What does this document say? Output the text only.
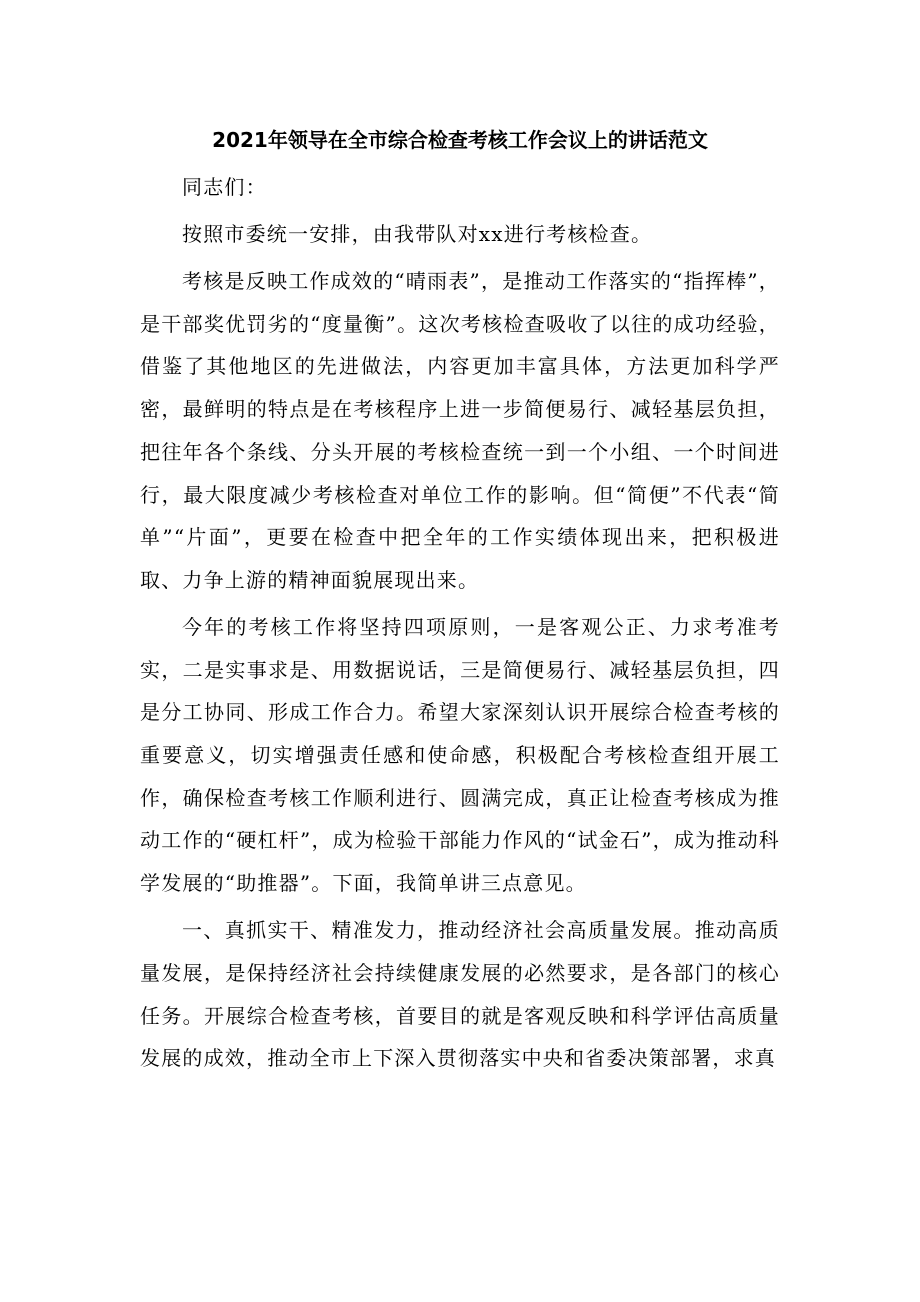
2021年领导在全市综合检查考核工作会议上的讲话范文

同志们：

按照市委统一安排，由我带队对xx进行考核检查。

考核是反映工作成效的“晴雨表”，是推动工作落实的“指挥棒”，是干部奖优罚劣的“度量衡”。这次考核检查吸收了以往的成功经验，借鉴了其他地区的先进做法，内容更加丰富具体，方法更加科学严密，最鲜明的特点是在考核程序上进一步简便易行、减轻基层负担，把往年各个条线、分头开展的考核检查统一到一个小组、一个时间进行，最大限度减少考核检查对单位工作的影响。但“简便”不代表“简单”“片面”，更要在检查中把全年的工作实绩体现出来，把积极进取、力争上游的精神面貌展现出来。

今年的考核工作将坚持四项原则，一是客观公正、力求考准考实，二是实事求是、用数据说话，三是简便易行、减轻基层负担，四是分工协同、形成工作合力。希望大家深刻认识开展综合检查考核的重要意义，切实增强责任感和使命感，积极配合考核检查组开展工作，确保检查考核工作顺利进行、圆满完成，真正让检查考核成为推动工作的“硬杠杆”，成为检验干部能力作风的“试金石”，成为推动科学发展的“助推器”。下面，我简单讲三点意见。

一、真抓实干、精准发力，推动经济社会高质量发展。推动高质量发展，是保持经济社会持续健康发展的必然要求，是各部门的核心任务。开展综合检查考核，首要目的就是客观反映和科学评估高质量发展的成效，推动全市上下深入贯彻落实中央和省委决策部署，求真
